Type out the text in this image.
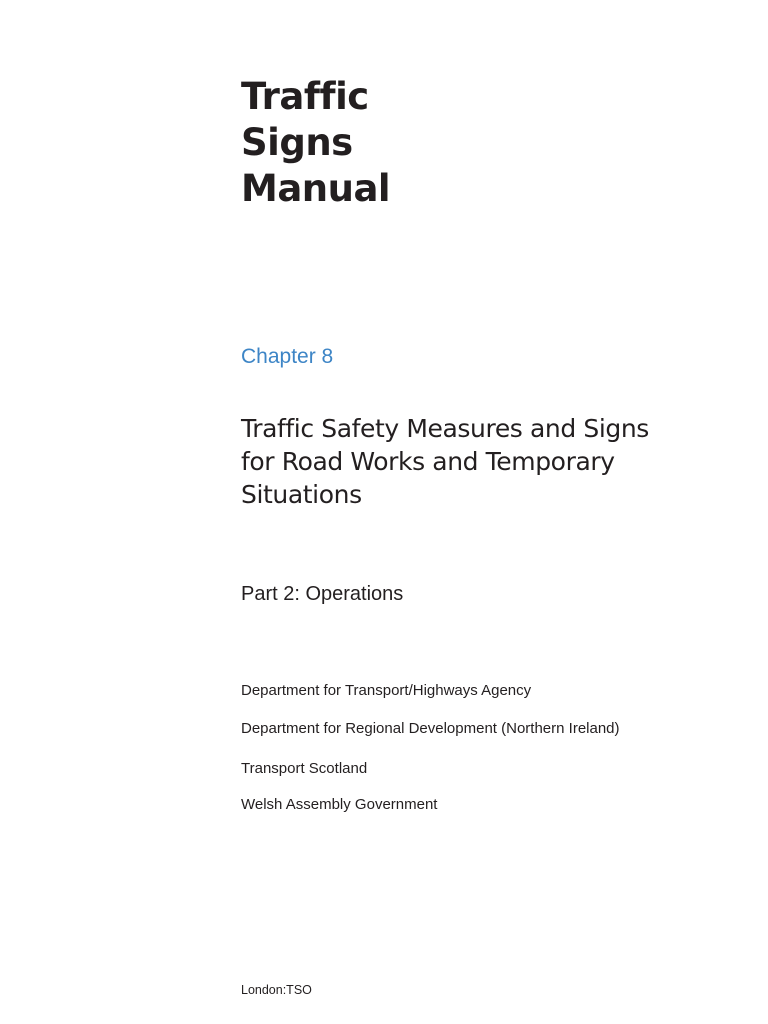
Traffic
Signs
Manual

Chapter 8

Traffic Safety Measures and Signs
for Road Works and Temporary
Situations

Part 2: Operations

Department for Transport/Highways Agency

Department for Regional Development (Northern Ireland)

Transport Scotland

Welsh Assembly Government

London:TSO
